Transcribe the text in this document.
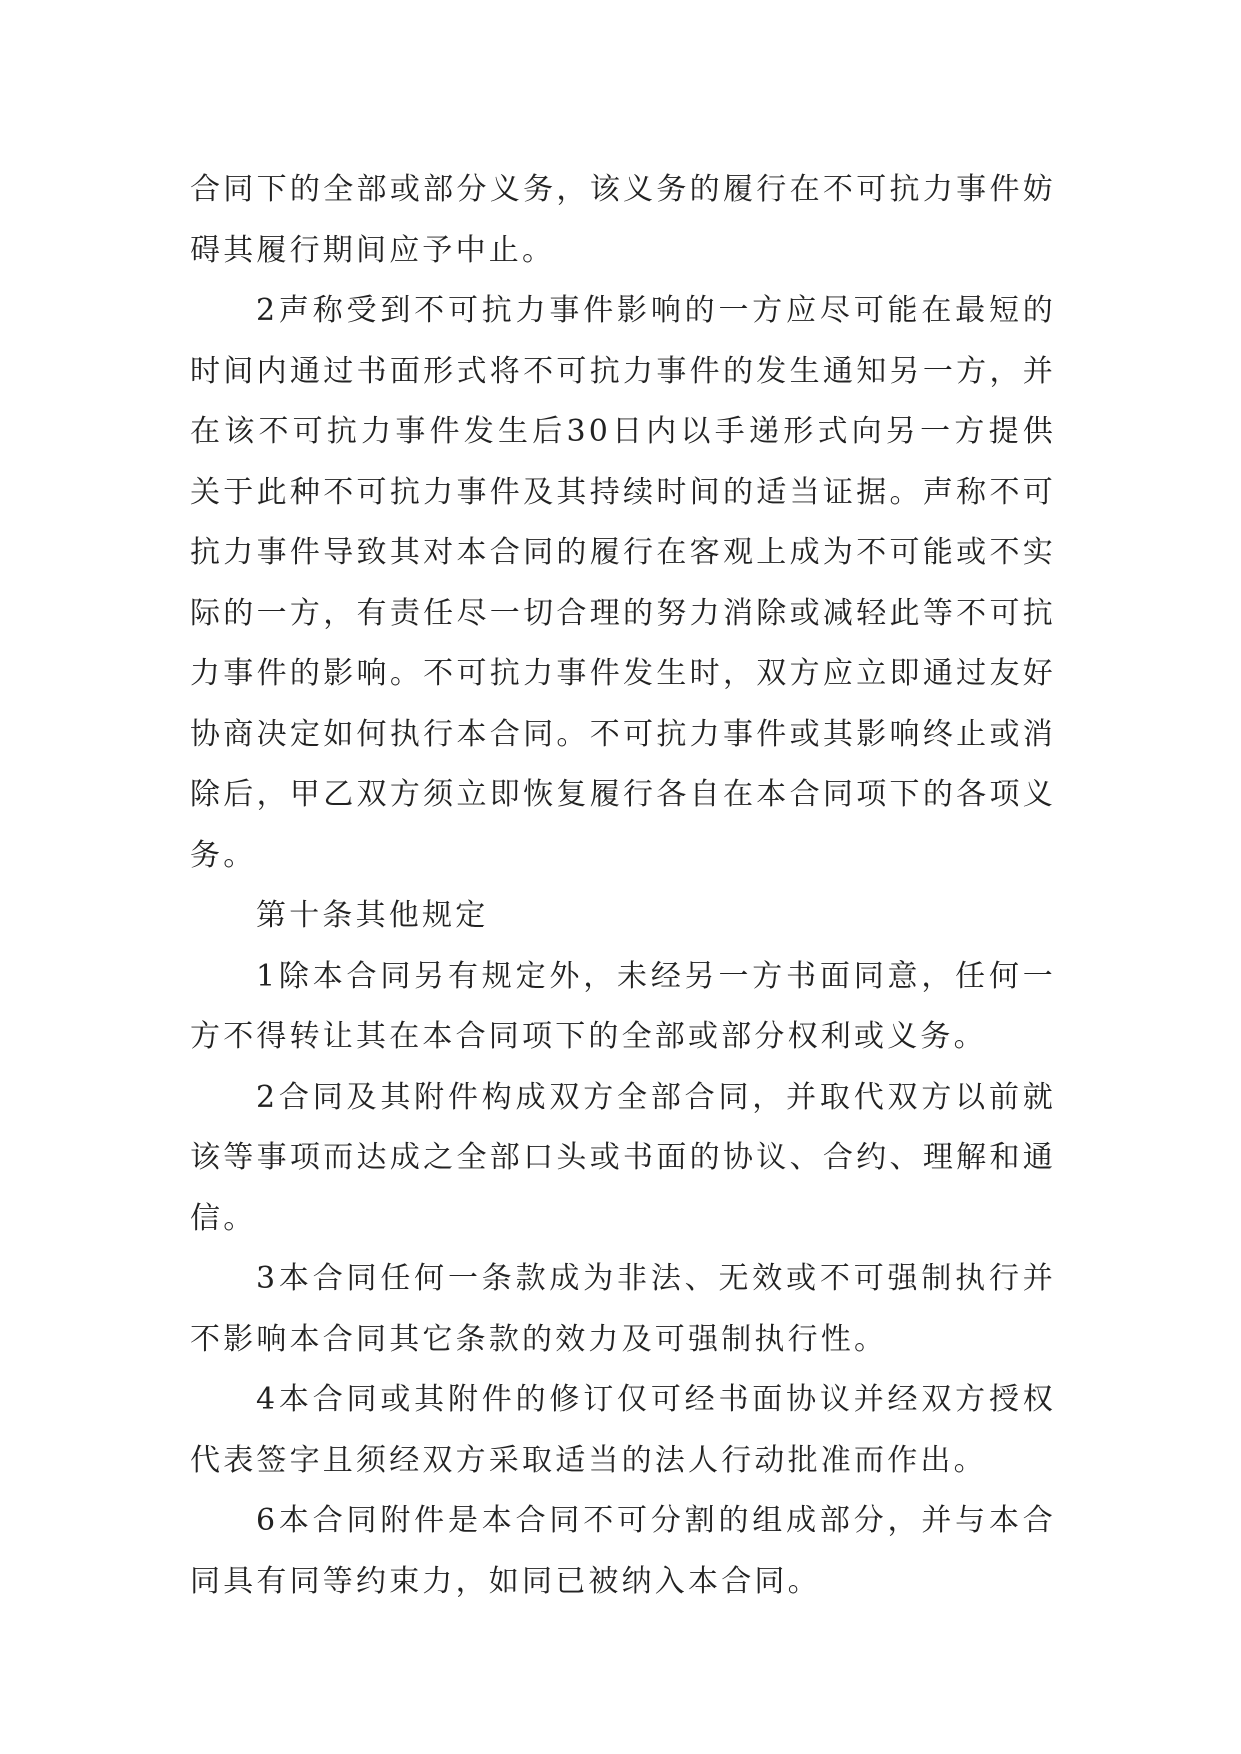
合同下的全部或部分义务，该义务的履行在不可抗力事件妨碍其履行期间应予中止。

2声称受到不可抗力事件影响的一方应尽可能在最短的时间内通过书面形式将不可抗力事件的发生通知另一方，并在该不可抗力事件发生后30日内以手递形式向另一方提供关于此种不可抗力事件及其持续时间的适当证据。声称不可抗力事件导致其对本合同的履行在客观上成为不可能或不实际的一方，有责任尽一切合理的努力消除或减轻此等不可抗力事件的影响。不可抗力事件发生时，双方应立即通过友好协商决定如何执行本合同。不可抗力事件或其影响终止或消除后，甲乙双方须立即恢复履行各自在本合同项下的各项义务。

第十条其他规定

1除本合同另有规定外，未经另一方书面同意，任何一方不得转让其在本合同项下的全部或部分权利或义务。

2合同及其附件构成双方全部合同，并取代双方以前就该等事项而达成之全部口头或书面的协议、合约、理解和通信。

3本合同任何一条款成为非法、无效或不可强制执行并不影响本合同其它条款的效力及可强制执行性。

4本合同或其附件的修订仅可经书面协议并经双方授权代表签字且须经双方采取适当的法人行动批准而作出。

6本合同附件是本合同不可分割的组成部分，并与本合同具有同等约束力，如同已被纳入本合同。
